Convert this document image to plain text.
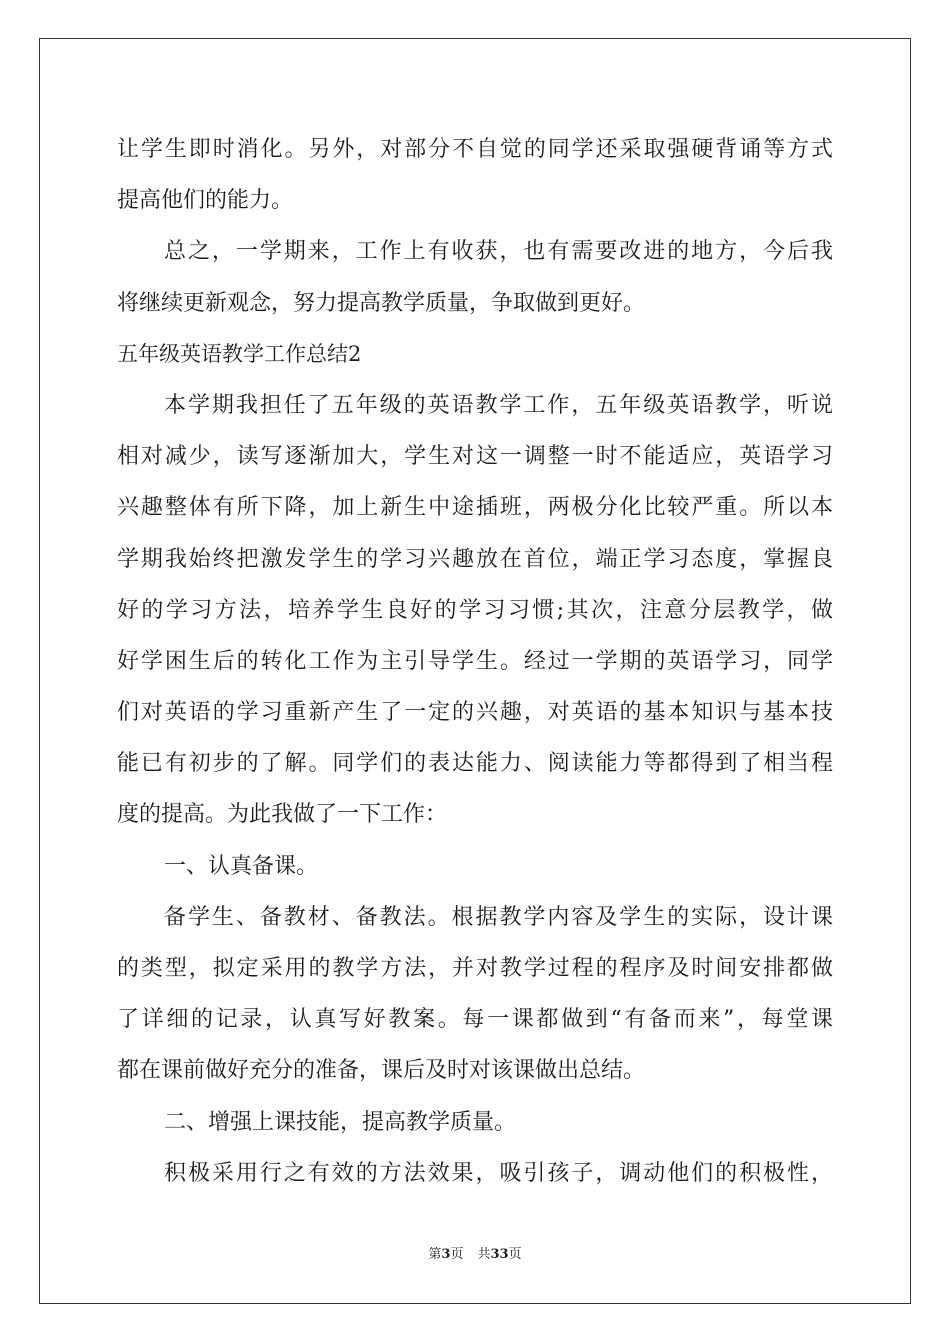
让学生即时消化。另外，对部分不自觉的同学还采取强硬背诵等方式
提高他们的能力。
总之，一学期来，工作上有收获，也有需要改进的地方，今后我
将继续更新观念，努力提高教学质量，争取做到更好。
五年级英语教学工作总结2
本学期我担任了五年级的英语教学工作，五年级英语教学，听说
相对减少，读写逐渐加大，学生对这一调整一时不能适应，英语学习
兴趣整体有所下降，加上新生中途插班，两极分化比较严重。所以本
学期我始终把激发学生的学习兴趣放在首位，端正学习态度，掌握良
好的学习方法，培养学生良好的学习习惯;其次，注意分层教学，做
好学困生后的转化工作为主引导学生。经过一学期的英语学习，同学
们对英语的学习重新产生了一定的兴趣，对英语的基本知识与基本技
能已有初步的了解。同学们的表达能力、阅读能力等都得到了相当程
度的提高。为此我做了一下工作：
一、认真备课。
备学生、备教材、备教法。根据教学内容及学生的实际，设计课
的类型，拟定采用的教学方法，并对教学过程的程序及时间安排都做
了详细的记录，认真写好教案。每一课都做到“有备而来”，每堂课
都在课前做好充分的准备，课后及时对该课做出总结。
二、增强上课技能，提高教学质量。
积极采用行之有效的方法效果，吸引孩子，调动他们的积极性，
第3页 共33页
